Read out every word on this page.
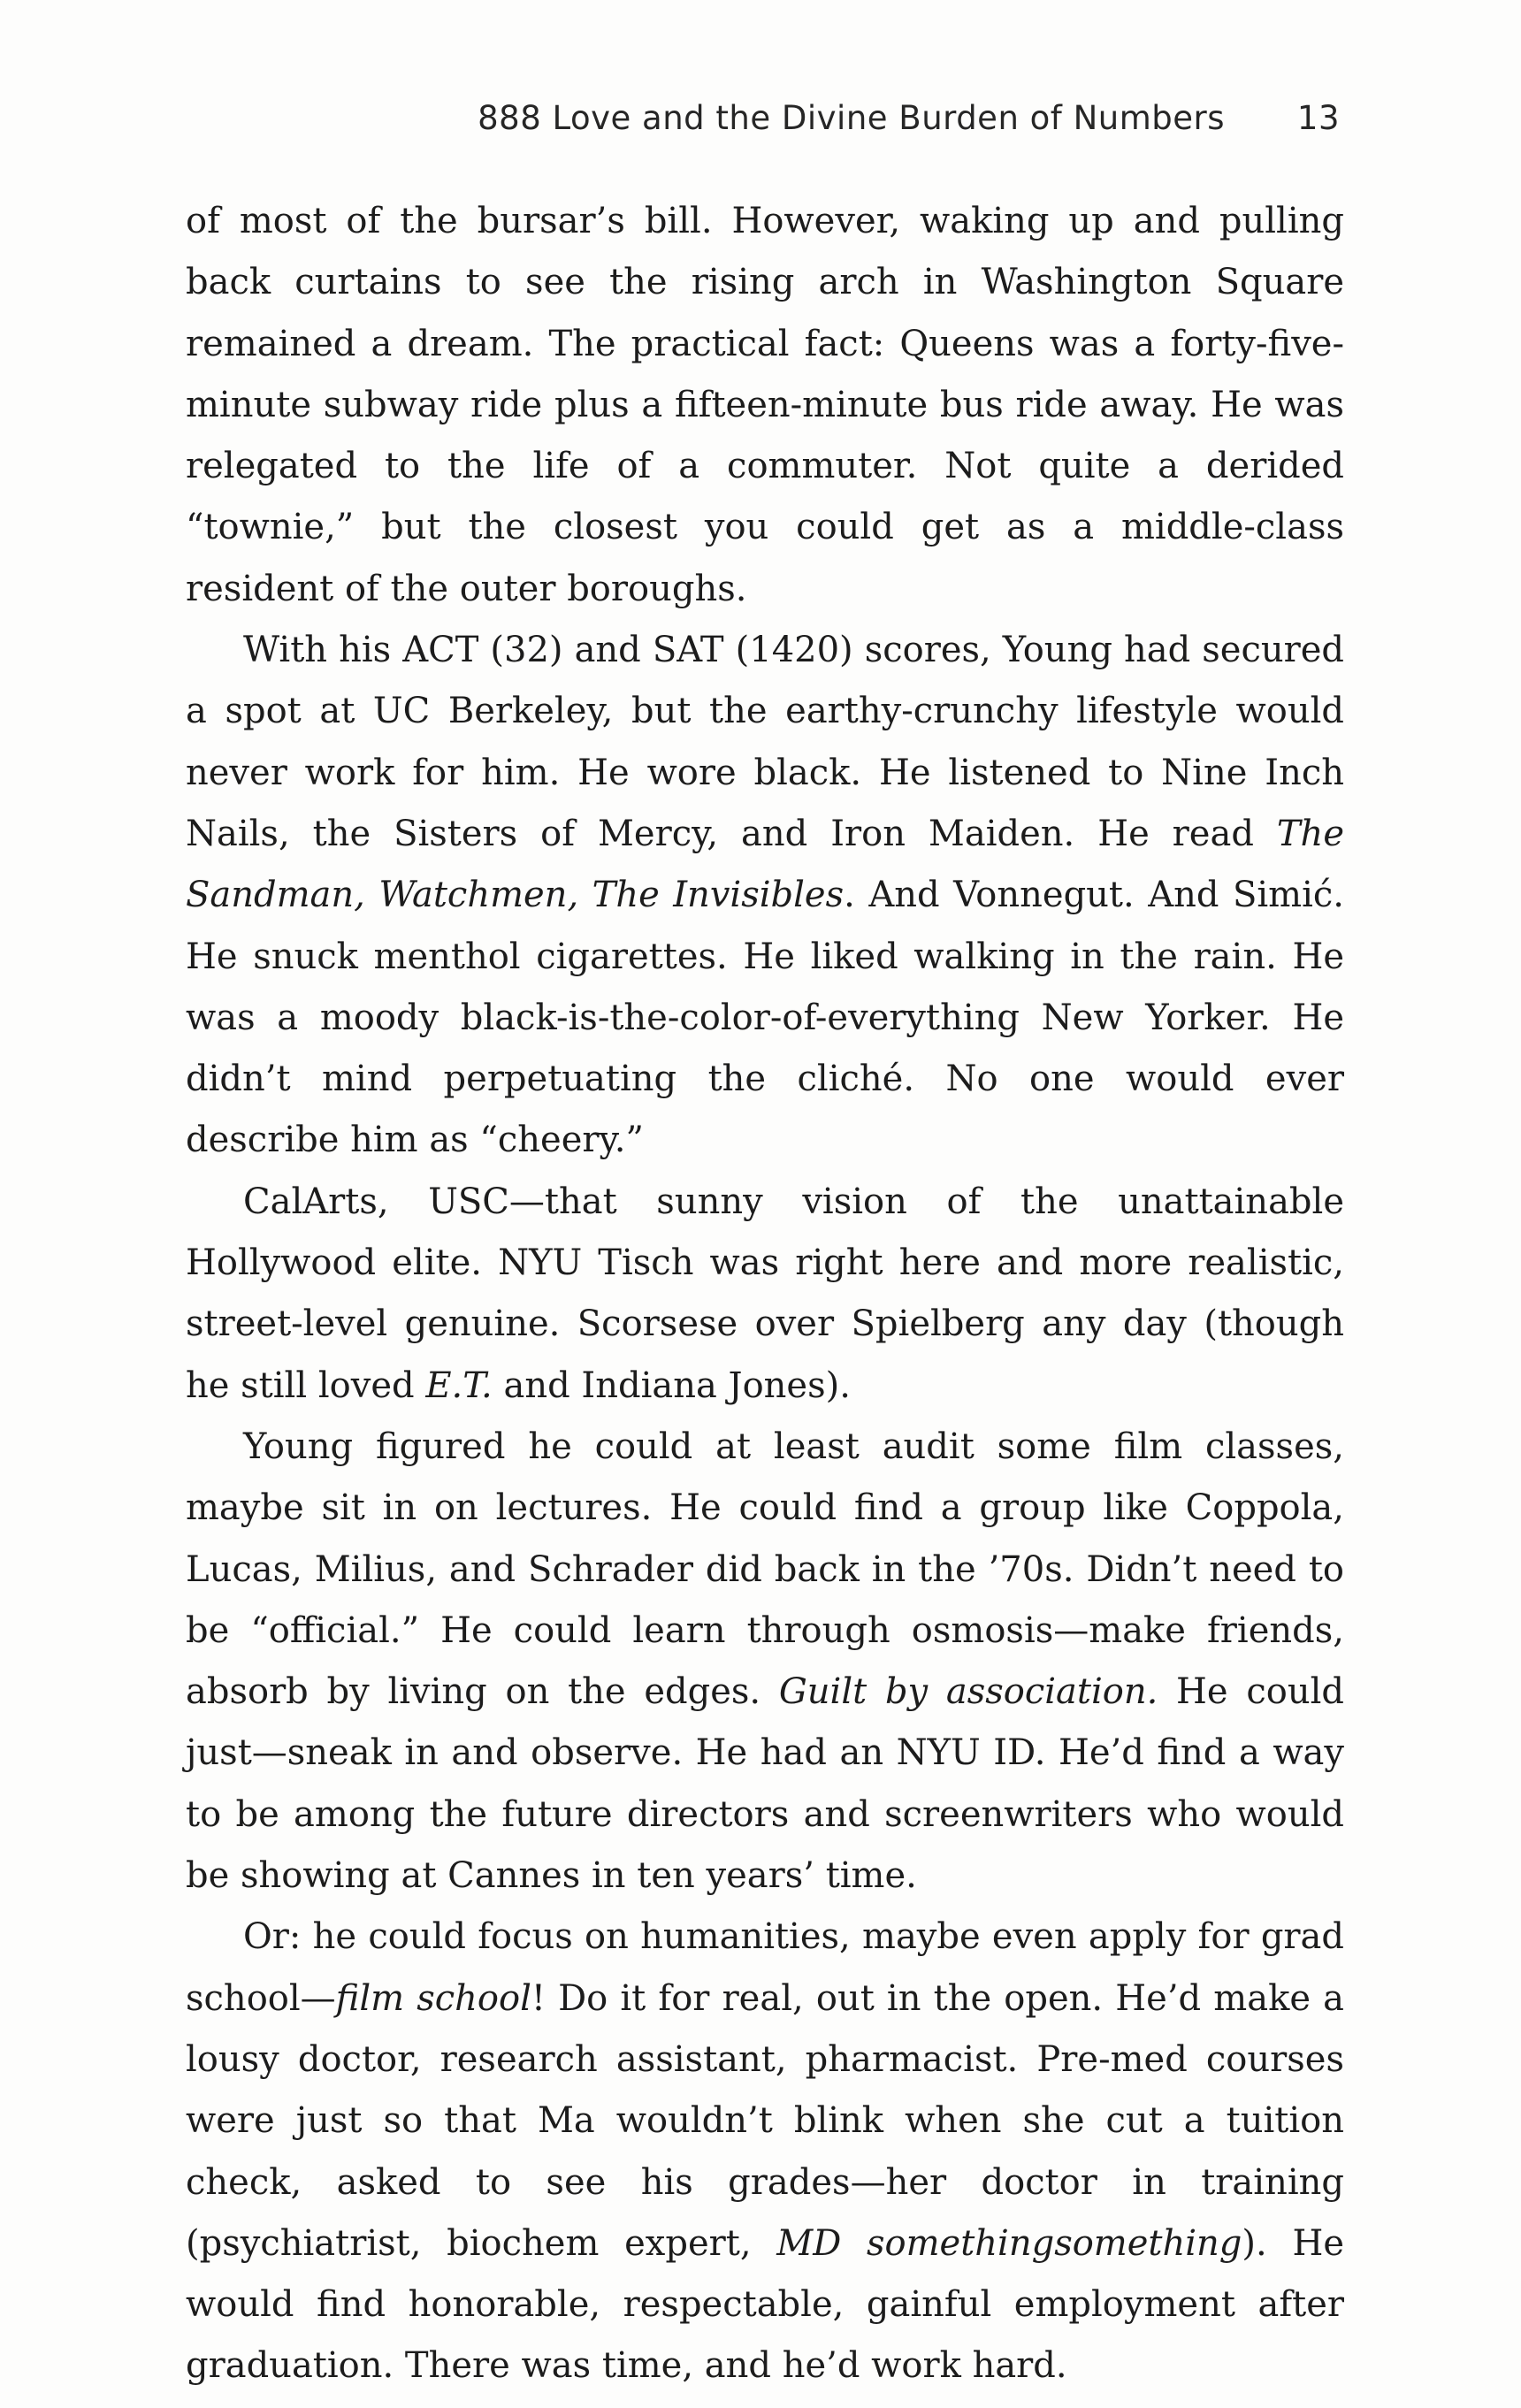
888 Love and the Divine Burden of Numbers 13

of most of the bursar’s bill. However, waking up and pulling back curtains to see the rising arch in Washington Square remained a dream. The practical fact: Queens was a forty-five-minute subway ride plus a fifteen-minute bus ride away. He was relegated to the life of a commuter. Not quite a derided “townie,” but the closest you could get as a middle-class resident of the outer boroughs.

With his ACT (32) and SAT (1420) scores, Young had secured a spot at UC Berkeley, but the earthy-crunchy lifestyle would never work for him. He wore black. He listened to Nine Inch Nails, the Sisters of Mercy, and Iron Maiden. He read The Sandman, Watchmen, The Invisibles. And Vonnegut. And Simić. He snuck menthol cigarettes. He liked walking in the rain. He was a moody black-is-the-color-of-everything New Yorker. He didn’t mind perpetuating the cliché. No one would ever describe him as “cheery.”

CalArts, USC—that sunny vision of the unattainable Hollywood elite. NYU Tisch was right here and more realistic, street-level genuine. Scorsese over Spielberg any day (though he still loved E.T. and Indiana Jones).

Young figured he could at least audit some film classes, maybe sit in on lectures. He could find a group like Coppola, Lucas, Milius, and Schrader did back in the ’70s. Didn’t need to be “official.” He could learn through osmosis—make friends, absorb by living on the edges. Guilt by association. He could just—sneak in and observe. He had an NYU ID. He’d find a way to be among the future directors and screenwriters who would be showing at Cannes in ten years’ time.

Or: he could focus on humanities, maybe even apply for grad school—film school! Do it for real, out in the open. He’d make a lousy doctor, research assistant, pharmacist. Pre-med courses were just so that Ma wouldn’t blink when she cut a tuition check, asked to see his grades—her doctor in training (psychiatrist, biochem expert, MD somethingsomething). He would find honorable, respectable, gainful employment after graduation. There was time, and he’d work hard.
